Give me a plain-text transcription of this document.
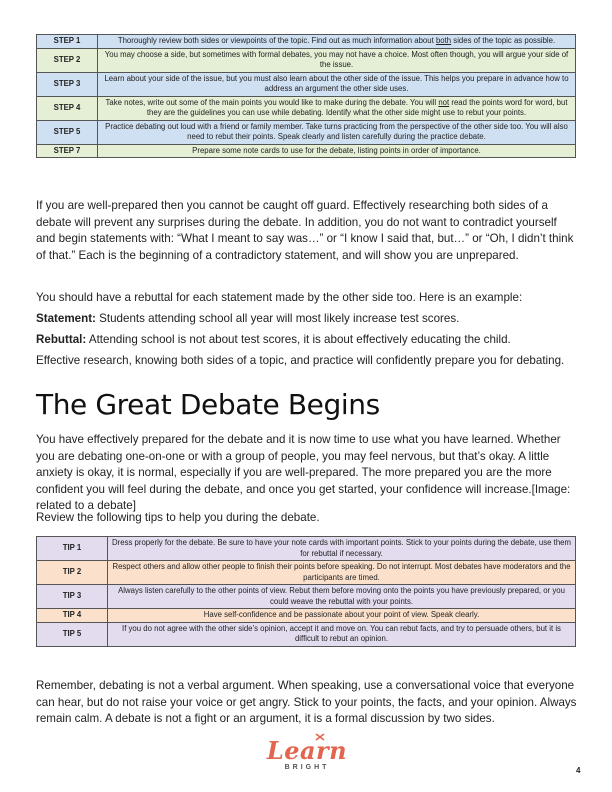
STEP 1	Thoroughly review both sides or viewpoints of the topic. Find out as much information about both sides of the topic as possible.
STEP 2	You may choose a side, but sometimes with formal debates, you may not have a choice. Most often though, you will argue your side of the issue.
STEP 3	Learn about your side of the issue, but you must also learn about the other side of the issue. This helps you prepare in advance how to address an argument the other side uses.
STEP 4	Take notes, write out some of the main points you would like to make during the debate. You will not read the points word for word, but they are the guidelines you can use while debating. Identify what the other side might use to rebut your points.
STEP 5	Practice debating out loud with a friend or family member. Take turns practicing from the perspective of the other side too. You will also need to rebut their points. Speak clearly and listen carefully during the practice debate.
STEP 7	Prepare some note cards to use for the debate, listing points in order of importance.

If you are well-prepared then you cannot be caught off guard. Effectively researching both sides of a debate will prevent any surprises during the debate. In addition, you do not want to contradict yourself and begin statements with: “What I meant to say was…” or “I know I said that, but…” or “Oh, I didn’t think of that.” Each is the beginning of a contradictory statement, and will show you are unprepared.

You should have a rebuttal for each statement made by the other side too. Here is an example:

Statement: Students attending school all year will most likely increase test scores.

Rebuttal: Attending school is not about test scores, it is about effectively educating the child.

Effective research, knowing both sides of a topic, and practice will confidently prepare you for debating.

The Great Debate Begins

You have effectively prepared for the debate and it is now time to use what you have learned. Whether you are debating one-on-one or with a group of people, you may feel nervous, but that’s okay. A little anxiety is okay, it is normal, especially if you are well-prepared. The more prepared you are the more confident you will feel during the debate, and once you get started, your confidence will increase.[Image: related to a debate]

Review the following tips to help you during the debate.

TIP 1	Dress properly for the debate. Be sure to have your note cards with important points. Stick to your points during the debate, use them for rebuttal if necessary.
TIP 2	Respect others and allow other people to finish their points before speaking. Do not interrupt. Most debates have moderators and the participants are timed.
TIP 3	Always listen carefully to the other points of view. Rebut them before moving onto the points you have previously prepared, or you could weave the rebuttal with your points.
TIP 4	Have self-confidence and be passionate about your point of view. Speak clearly.
TIP 5	If you do not agree with the other side’s opinion, accept it and move on. You can rebut facts, and try to persuade others, but it is difficult to rebut an opinion.

Remember, debating is not a verbal argument. When speaking, use a conversational voice that everyone can hear, but do not raise your voice or get angry. Stick to your points, the facts, and your opinion. Always remain calm. A debate is not a fight or an argument, it is a formal discussion by two sides.

Learn
BRIGHT	4
